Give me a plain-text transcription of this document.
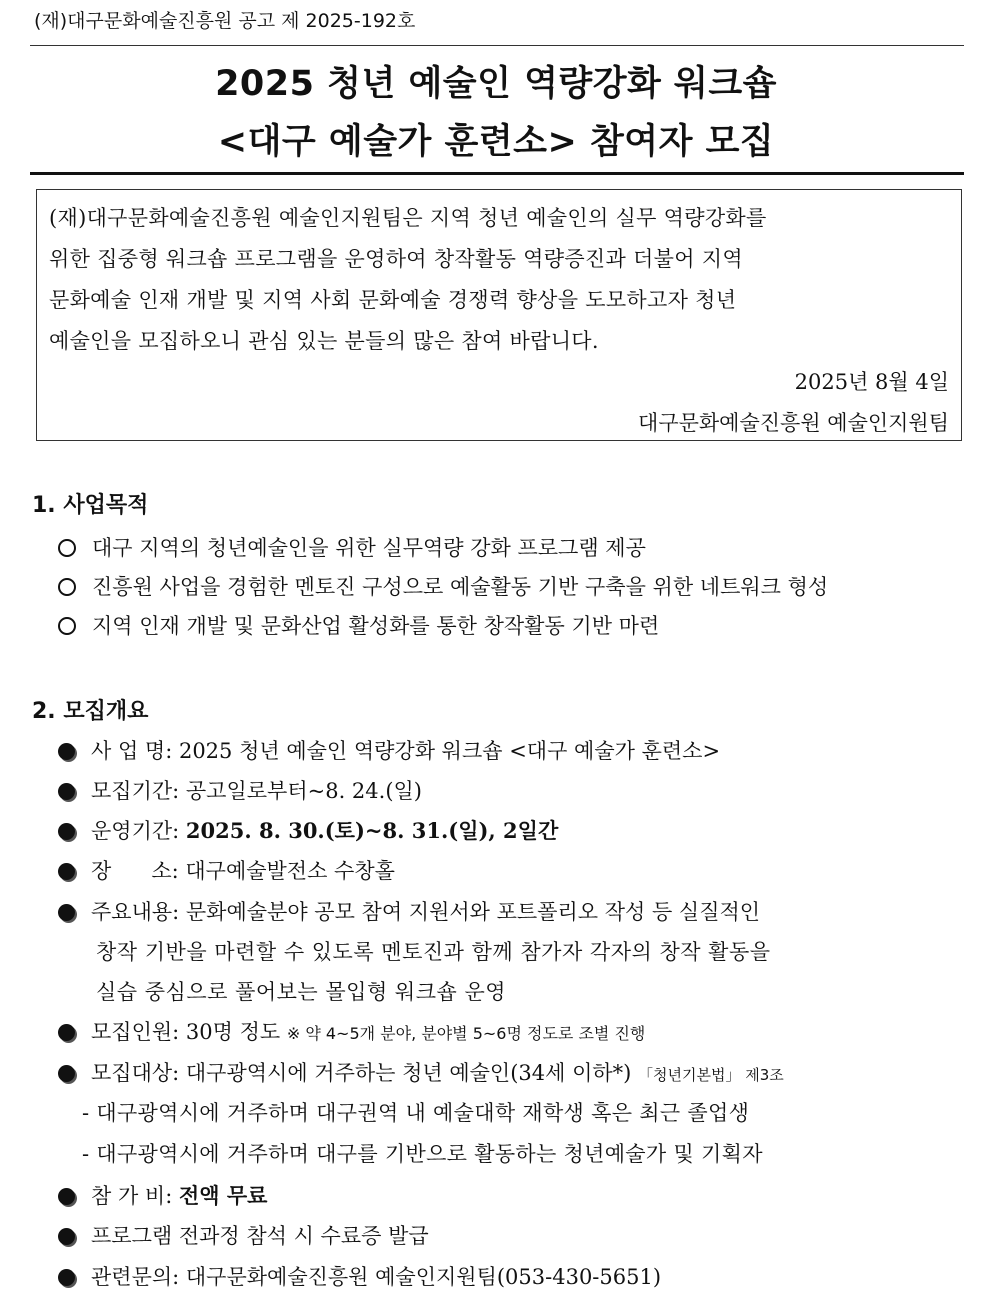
(재)대구문화예술진흥원 공고 제 2025-192호
2025 청년 예술인 역량강화 워크숍
<대구 예술가 훈련소> 참여자 모집
(재)대구문화예술진흥원 예술인지원팀은 지역 청년 예술인의 실무 역량강화를
위한 집중형 워크숍 프로그램을 운영하여 창작활동 역량증진과 더불어 지역
문화예술 인재 개발 및 지역 사회 문화예술 경쟁력 향상을 도모하고자 청년
예술인을 모집하오니 관심 있는 분들의 많은 참여 바랍니다.
2025년 8월 4일
대구문화예술진흥원 예술인지원팀
1. 사업목적
대구 지역의 청년예술인을 위한 실무역량 강화 프로그램 제공
진흥원 사업을 경험한 멘토진 구성으로 예술활동 기반 구축을 위한 네트워크 형성
지역 인재 개발 및 문화산업 활성화를 통한 창작활동 기반 마련
2. 모집개요
사 업 명: 2025 청년 예술인 역량강화 워크숍 <대구 예술가 훈련소>
모집기간: 공고일로부터~8. 24.(일)
운영기간: 2025. 8. 30.(토)~8. 31.(일), 2일간
장      소: 대구예술발전소 수창홀
주요내용: 문화예술분야 공모 참여 지원서와 포트폴리오 작성 등 실질적인
창작 기반을 마련할 수 있도록 멘토진과 함께 참가자 각자의 창작 활동을
실습 중심으로 풀어보는 몰입형 워크숍 운영
모집인원: 30명 정도 ※ 약 4~5개 분야, 분야별 5~6명 정도로 조별 진행
모집대상: 대구광역시에 거주하는 청년 예술인(34세 이하*) 「청년기본법」 제3조
- 대구광역시에 거주하며 대구권역 내 예술대학 재학생 혹은 최근 졸업생
- 대구광역시에 거주하며 대구를 기반으로 활동하는 청년예술가 및 기획자
참 가 비: 전액 무료
프로그램 전과정 참석 시 수료증 발급
관련문의: 대구문화예술진흥원 예술인지원팀(053-430-5651)
